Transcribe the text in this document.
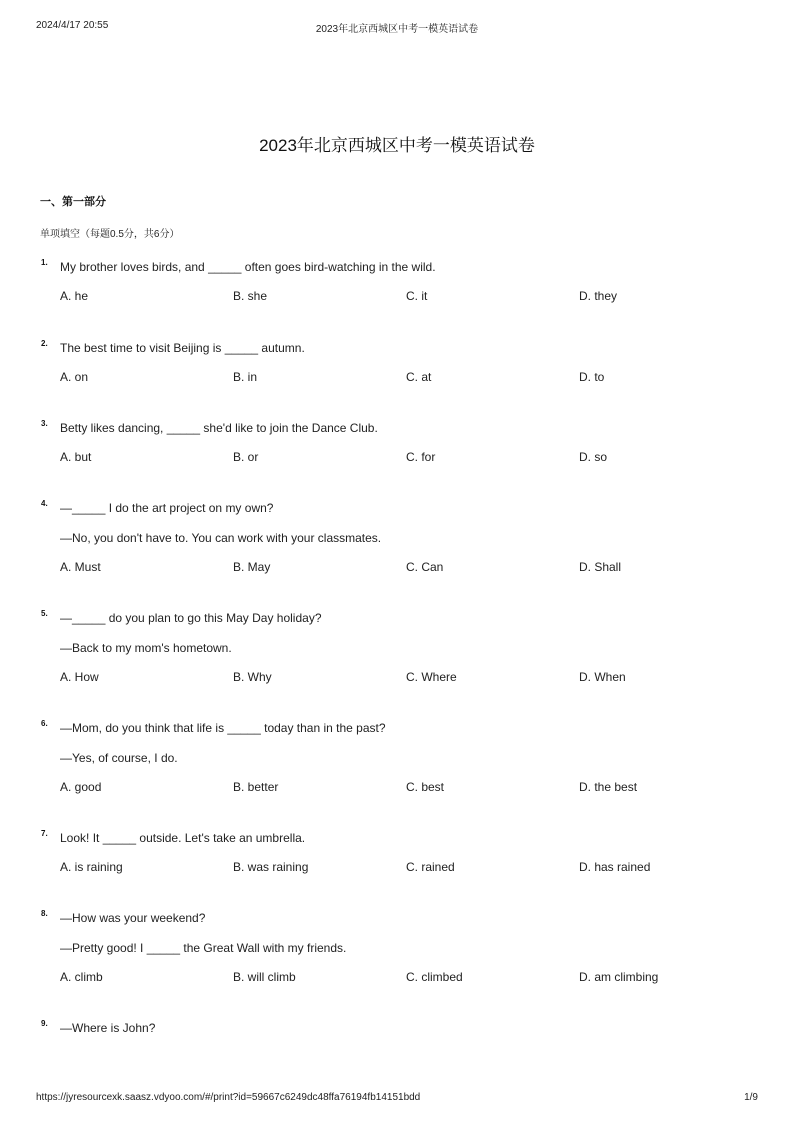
2024/4/17 20:55	2023年北京西城区中考一模英语试卷
2023年北京西城区中考一模英语试卷
一、第一部分
单项填空（每题0.5分，共6分）
1. My brother loves birds, and _____ often goes bird-watching in the wild.
A. he	B. she	C. it	D. they
2. The best time to visit Beijing is _____ autumn.
A. on	B. in	C. at	D. to
3. Betty likes dancing, _____ she'd like to join the Dance Club.
A. but	B. or	C. for	D. so
4. —_____ I do the art project on my own?
—No, you don't have to. You can work with your classmates.
A. Must	B. May	C. Can	D. Shall
5. —_____ do you plan to go this May Day holiday?
—Back to my mom's hometown.
A. How	B. Why	C. Where	D. When
6. —Mom, do you think that life is _____ today than in the past?
—Yes, of course, I do.
A. good	B. better	C. best	D. the best
7. Look! It _____ outside. Let's take an umbrella.
A. is raining	B. was raining	C. rained	D. has rained
8. —How was your weekend?
—Pretty good! I _____ the Great Wall with my friends.
A. climb	B. will climb	C. climbed	D. am climbing
9. —Where is John?
https://jyresourcexk.saasz.vdyoo.com/#/print?id=59667c6249dc48ffa76194fb14151bdd	1/9
